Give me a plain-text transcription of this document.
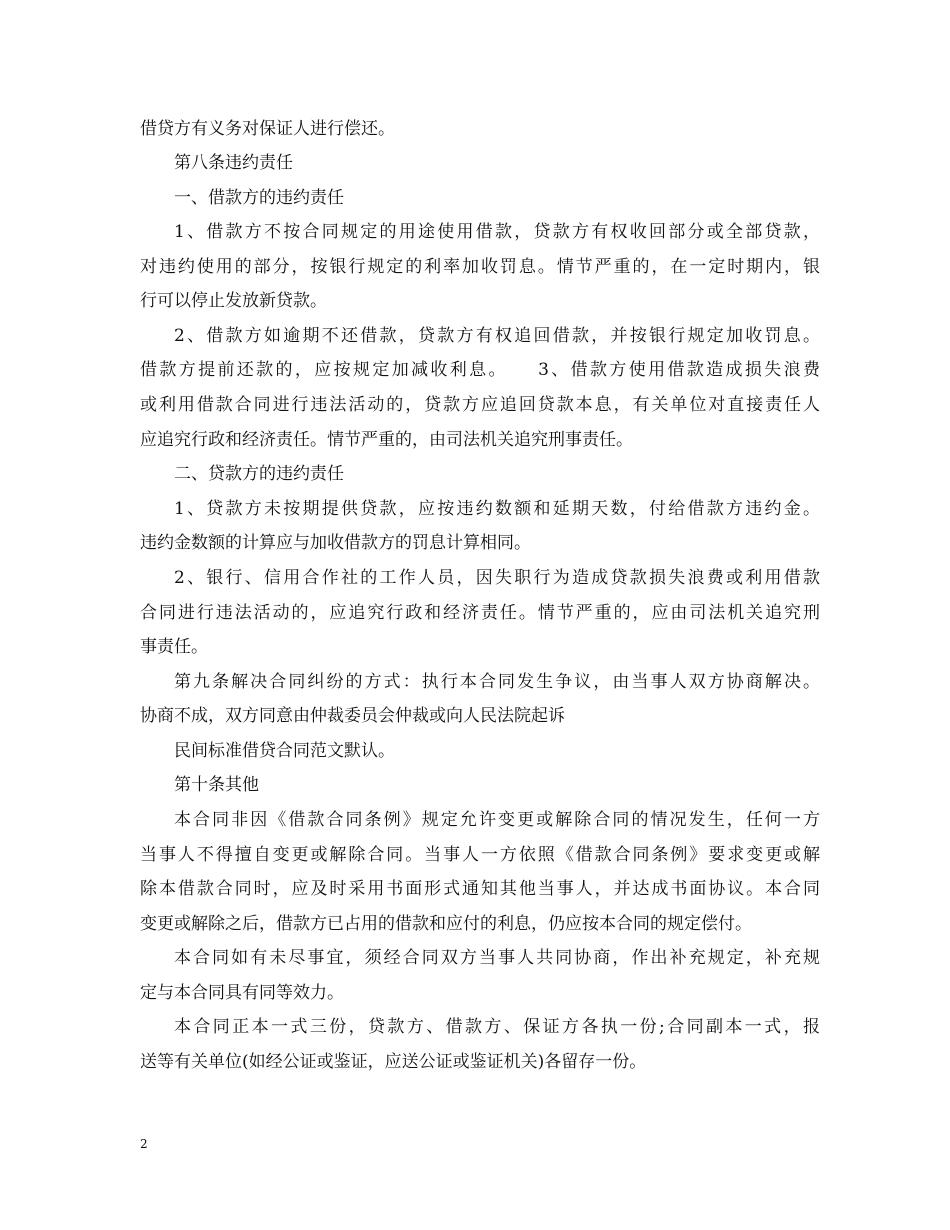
借贷方有义务对保证人进行偿还。
第八条违约责任
一、借款方的违约责任
1、借款方不按合同规定的用途使用借款，贷款方有权收回部分或全部贷款，
对违约使用的部分，按银行规定的利率加收罚息。情节严重的，在一定时期内，银
行可以停止发放新贷款。
2、借款方如逾期不还借款，贷款方有权追回借款，并按银行规定加收罚息。
借款方提前还款的，应按规定加减收利息。　　3、借款方使用借款造成损失浪费
或利用借款合同进行违法活动的，贷款方应追回贷款本息，有关单位对直接责任人
应追究行政和经济责任。情节严重的，由司法机关追究刑事责任。
二、贷款方的违约责任
1、贷款方未按期提供贷款，应按违约数额和延期天数，付给借款方违约金。
违约金数额的计算应与加收借款方的罚息计算相同。
2、银行、信用合作社的工作人员，因失职行为造成贷款损失浪费或利用借款
合同进行违法活动的，应追究行政和经济责任。情节严重的，应由司法机关追究刑
事责任。
第九条解决合同纠纷的方式：执行本合同发生争议，由当事人双方协商解决。
协商不成，双方同意由仲裁委员会仲裁或向人民法院起诉
民间标准借贷合同范文默认。
第十条其他
本合同非因《借款合同条例》规定允许变更或解除合同的情况发生，任何一方
当事人不得擅自变更或解除合同。当事人一方依照《借款合同条例》要求变更或解
除本借款合同时，应及时采用书面形式通知其他当事人，并达成书面协议。本合同
变更或解除之后，借款方已占用的借款和应付的利息，仍应按本合同的规定偿付。
本合同如有未尽事宜，须经合同双方当事人共同协商，作出补充规定，补充规
定与本合同具有同等效力。
本合同正本一式三份，贷款方、借款方、保证方各执一份;合同副本一式，报
送等有关单位(如经公证或鉴证，应送公证或鉴证机关)各留存一份。
2
